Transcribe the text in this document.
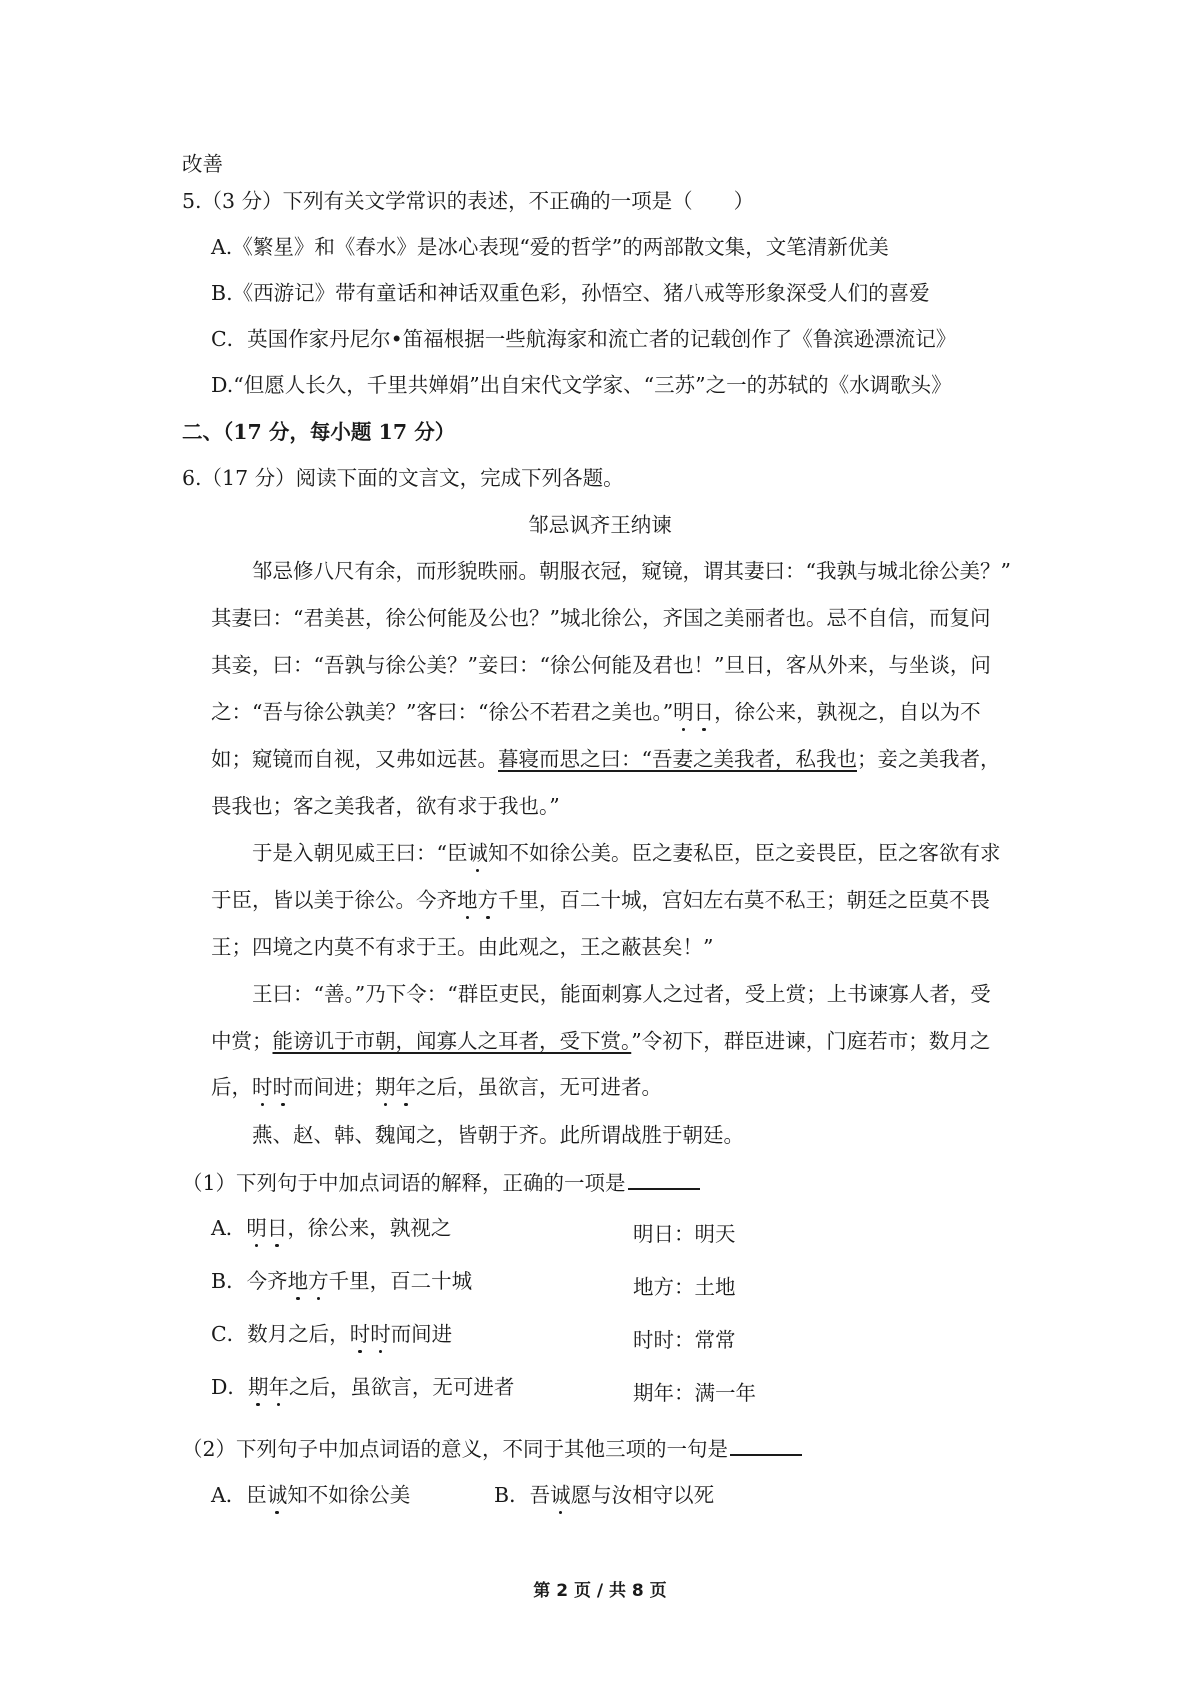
改善
5.（3 分）下列有关文学常识的表述，不正确的一项是（　　）
A.《繁星》和《春水》是冰心表现“爱的哲学”的两部散文集，文笔清新优美
B.《西游记》带有童话和神话双重色彩，孙悟空、猪八戒等形象深受人们的喜爱
C．英国作家丹尼尔•笛福根据一些航海家和流亡者的记载创作了《鲁滨逊漂流记》
D.“但愿人长久，千里共婵娟”出自宋代文学家、“三苏”之一的苏轼的《水调歌头》
二、（17 分，每小题 17 分）
6.（17 分）阅读下面的文言文，完成下列各题。
邹忌讽齐王纳谏
邹忌修八尺有余，而形貌昳丽。朝服衣冠，窥镜，谓其妻曰：“我孰与城北徐公美？”
其妻曰：“君美甚，徐公何能及公也？”城北徐公，齐国之美丽者也。忌不自信，而复问
其妾，曰：“吾孰与徐公美？”妾曰：“徐公何能及君也！”旦日，客从外来，与坐谈，问
之：“吾与徐公孰美？”客曰：“徐公不若君之美也。”明日，徐公来，孰视之，自以为不
如；窥镜而自视，又弗如远甚。暮寝而思之曰：“吾妻之美我者，私我也；妾之美我者，
畏我也；客之美我者，欲有求于我也。”
于是入朝见威王曰：“臣诚知不如徐公美。臣之妻私臣，臣之妾畏臣，臣之客欲有求
于臣，皆以美于徐公。今齐地方千里，百二十城，宫妇左右莫不私王；朝廷之臣莫不畏
王；四境之内莫不有求于王。由此观之，王之蔽甚矣！”
王曰：“善。”乃下令：“群臣吏民，能面刺寡人之过者，受上赏；上书谏寡人者，受
中赏；能谤讥于市朝，闻寡人之耳者，受下赏。”令初下，群臣进谏，门庭若市；数月之
后，时时而间进；期年之后，虽欲言，无可进者。
燕、赵、韩、魏闻之，皆朝于齐。此所谓战胜于朝廷。
（1）下列句于中加点词语的解释，正确的一项是
A．明日，徐公来，孰视之	明日：明天
B．今齐地方千里，百二十城	地方：土地
C．数月之后，时时而间进	时时：常常
D．期年之后，虽欲言，无可进者	期年：满一年
（2）下列句子中加点词语的意义，不同于其他三项的一句是
A．臣诚知不如徐公美	B．吾诚愿与汝相守以死
第 2 页 / 共 8 页
